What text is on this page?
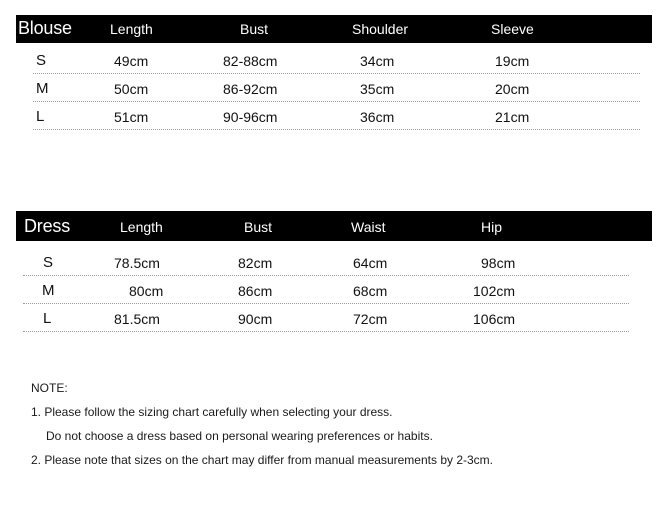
Blouse	Length	Bust	Shoulder	Sleeve
S	49cm	82-88cm	34cm	19cm
M	50cm	86-92cm	35cm	20cm
L	51cm	90-96cm	36cm	21cm
Dress	Length	Bust	Waist	Hip
S	78.5cm	82cm	64cm	98cm
M	80cm	86cm	68cm	102cm
L	81.5cm	90cm	72cm	106cm
NOTE:
1. Please follow the sizing chart carefully when selecting your dress.
Do not choose a dress based on personal wearing preferences or habits.
2. Please note that sizes on the chart may differ from manual measurements by 2-3cm.
